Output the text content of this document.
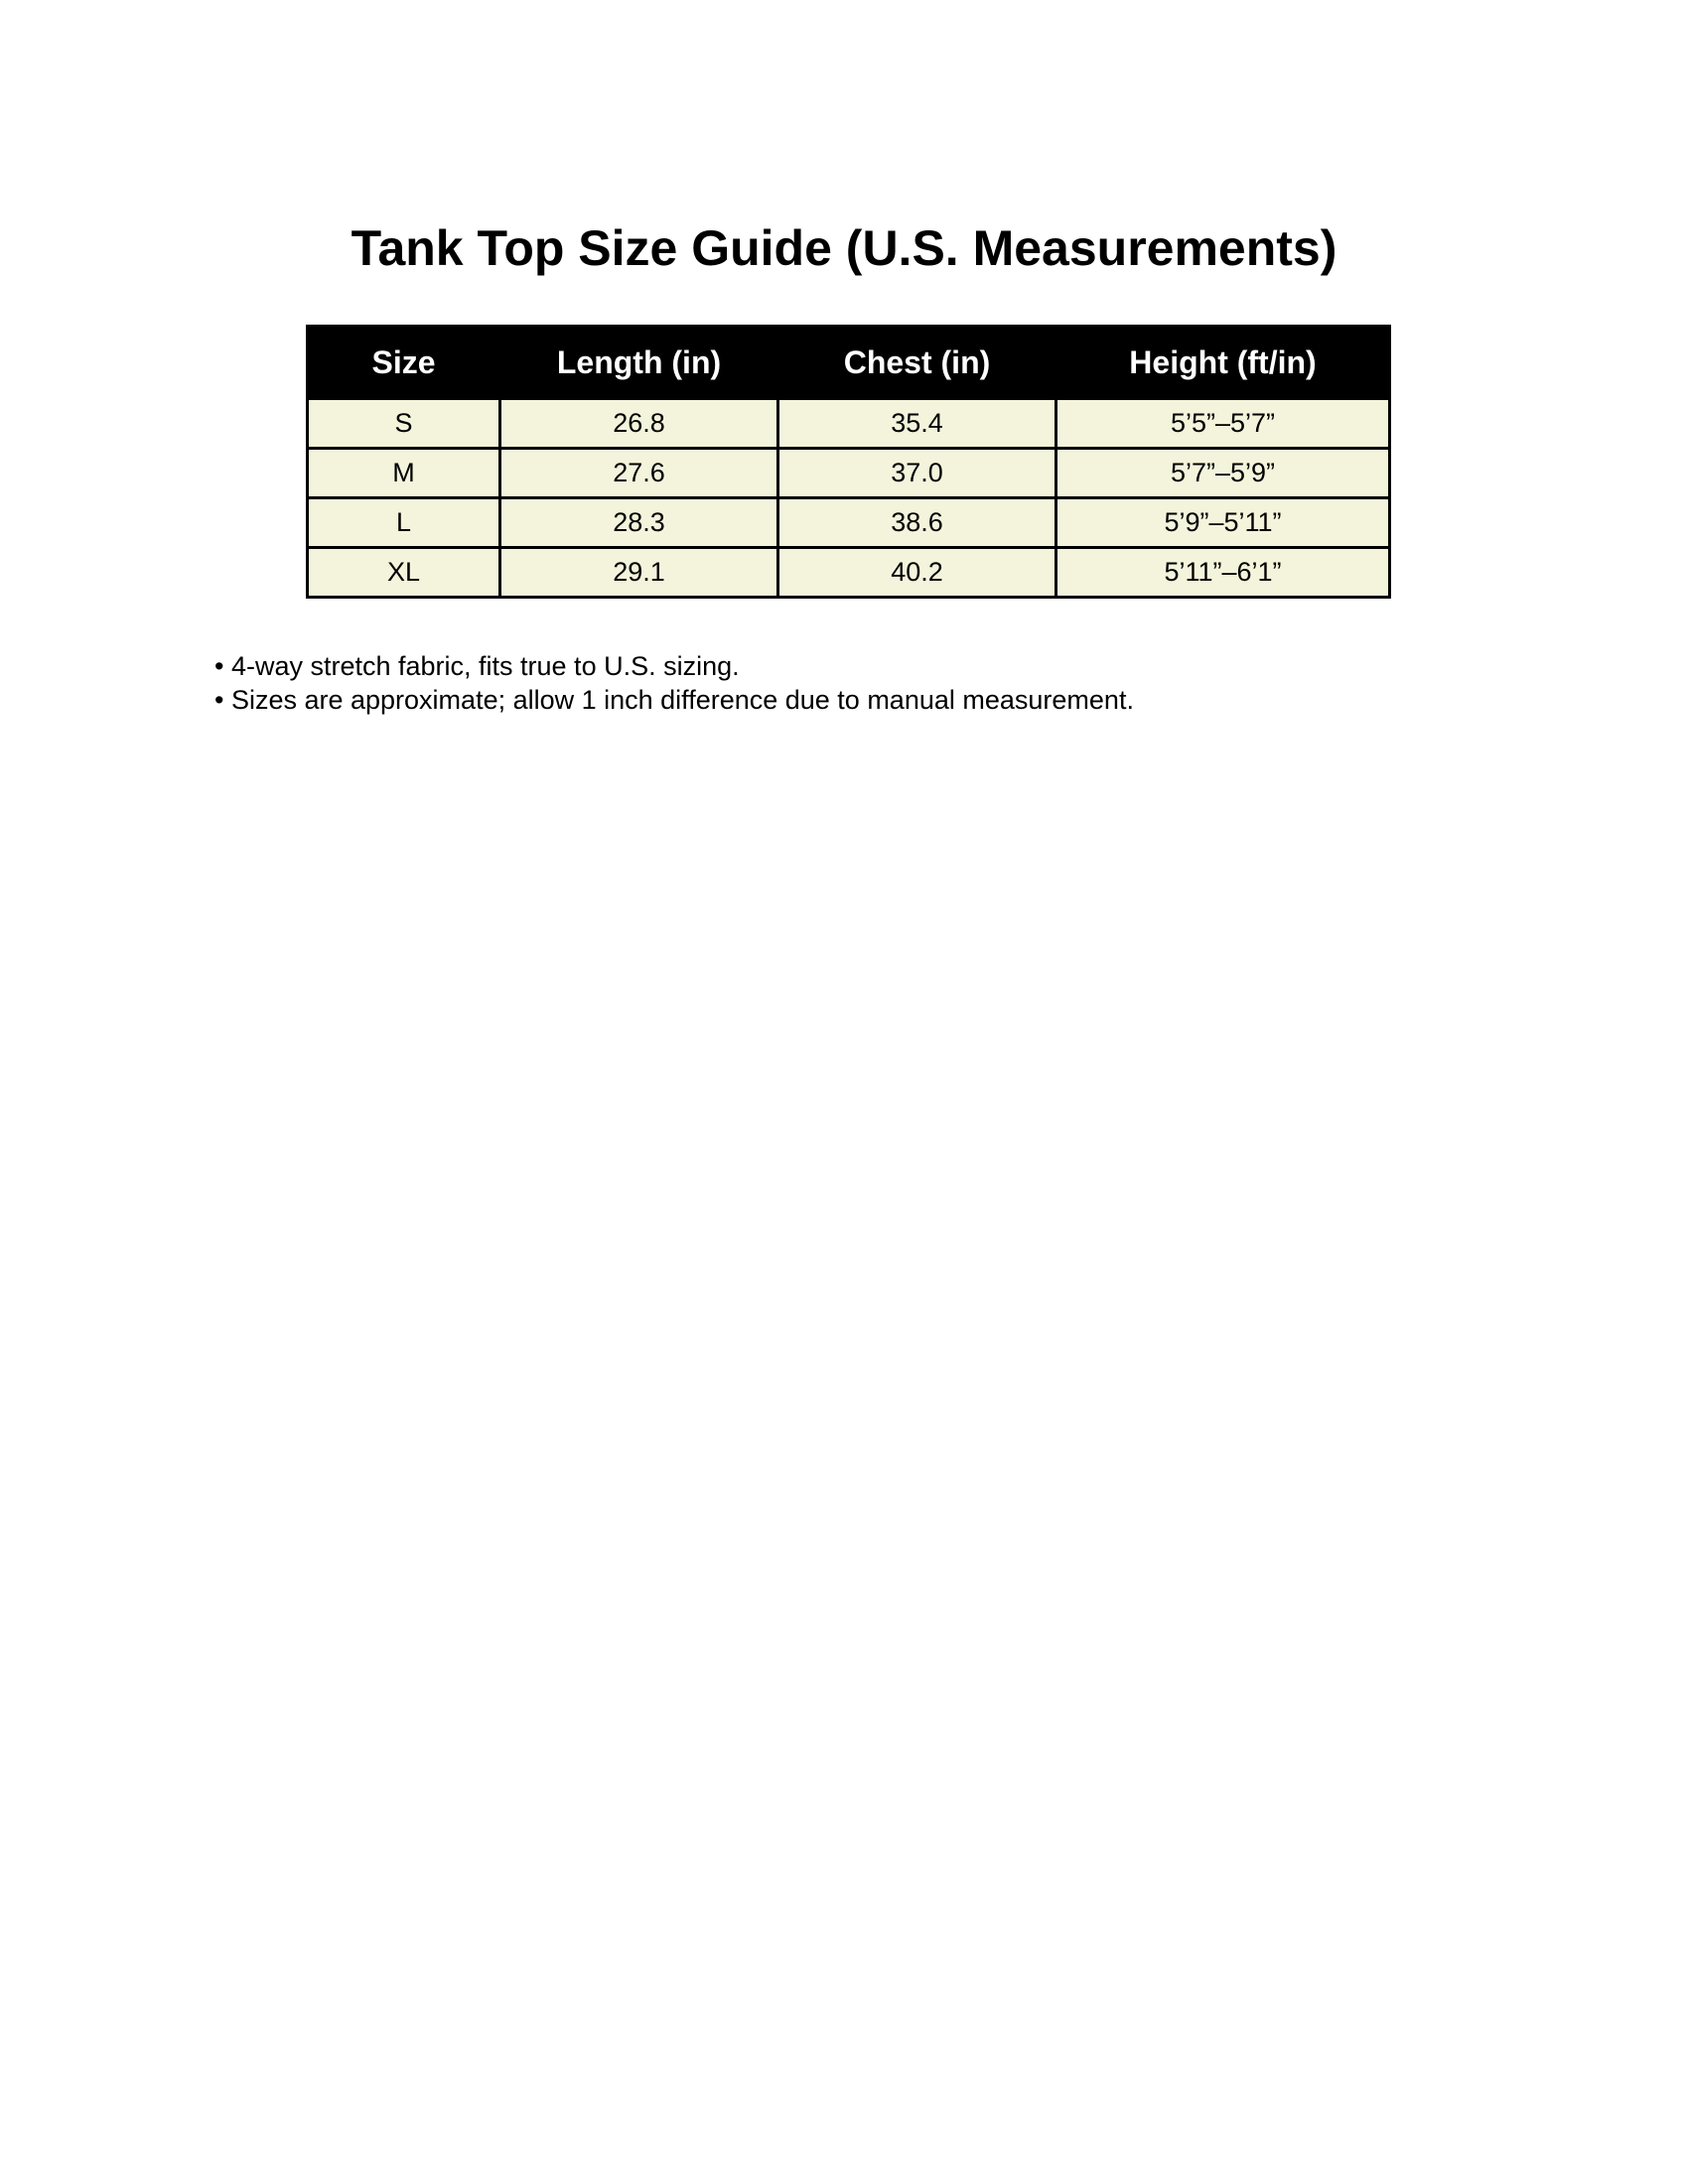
Tank Top Size Guide (U.S. Measurements)
Size	Length (in)	Chest (in)	Height (ft/in)
S	26.8	35.4	5’5”–5’7”
M	27.6	37.0	5’7”–5’9”
L	28.3	38.6	5’9”–5’11”
XL	29.1	40.2	5’11”–6’1”
• 4-way stretch fabric, fits true to U.S. sizing.
• Sizes are approximate; allow 1 inch difference due to manual measurement.
